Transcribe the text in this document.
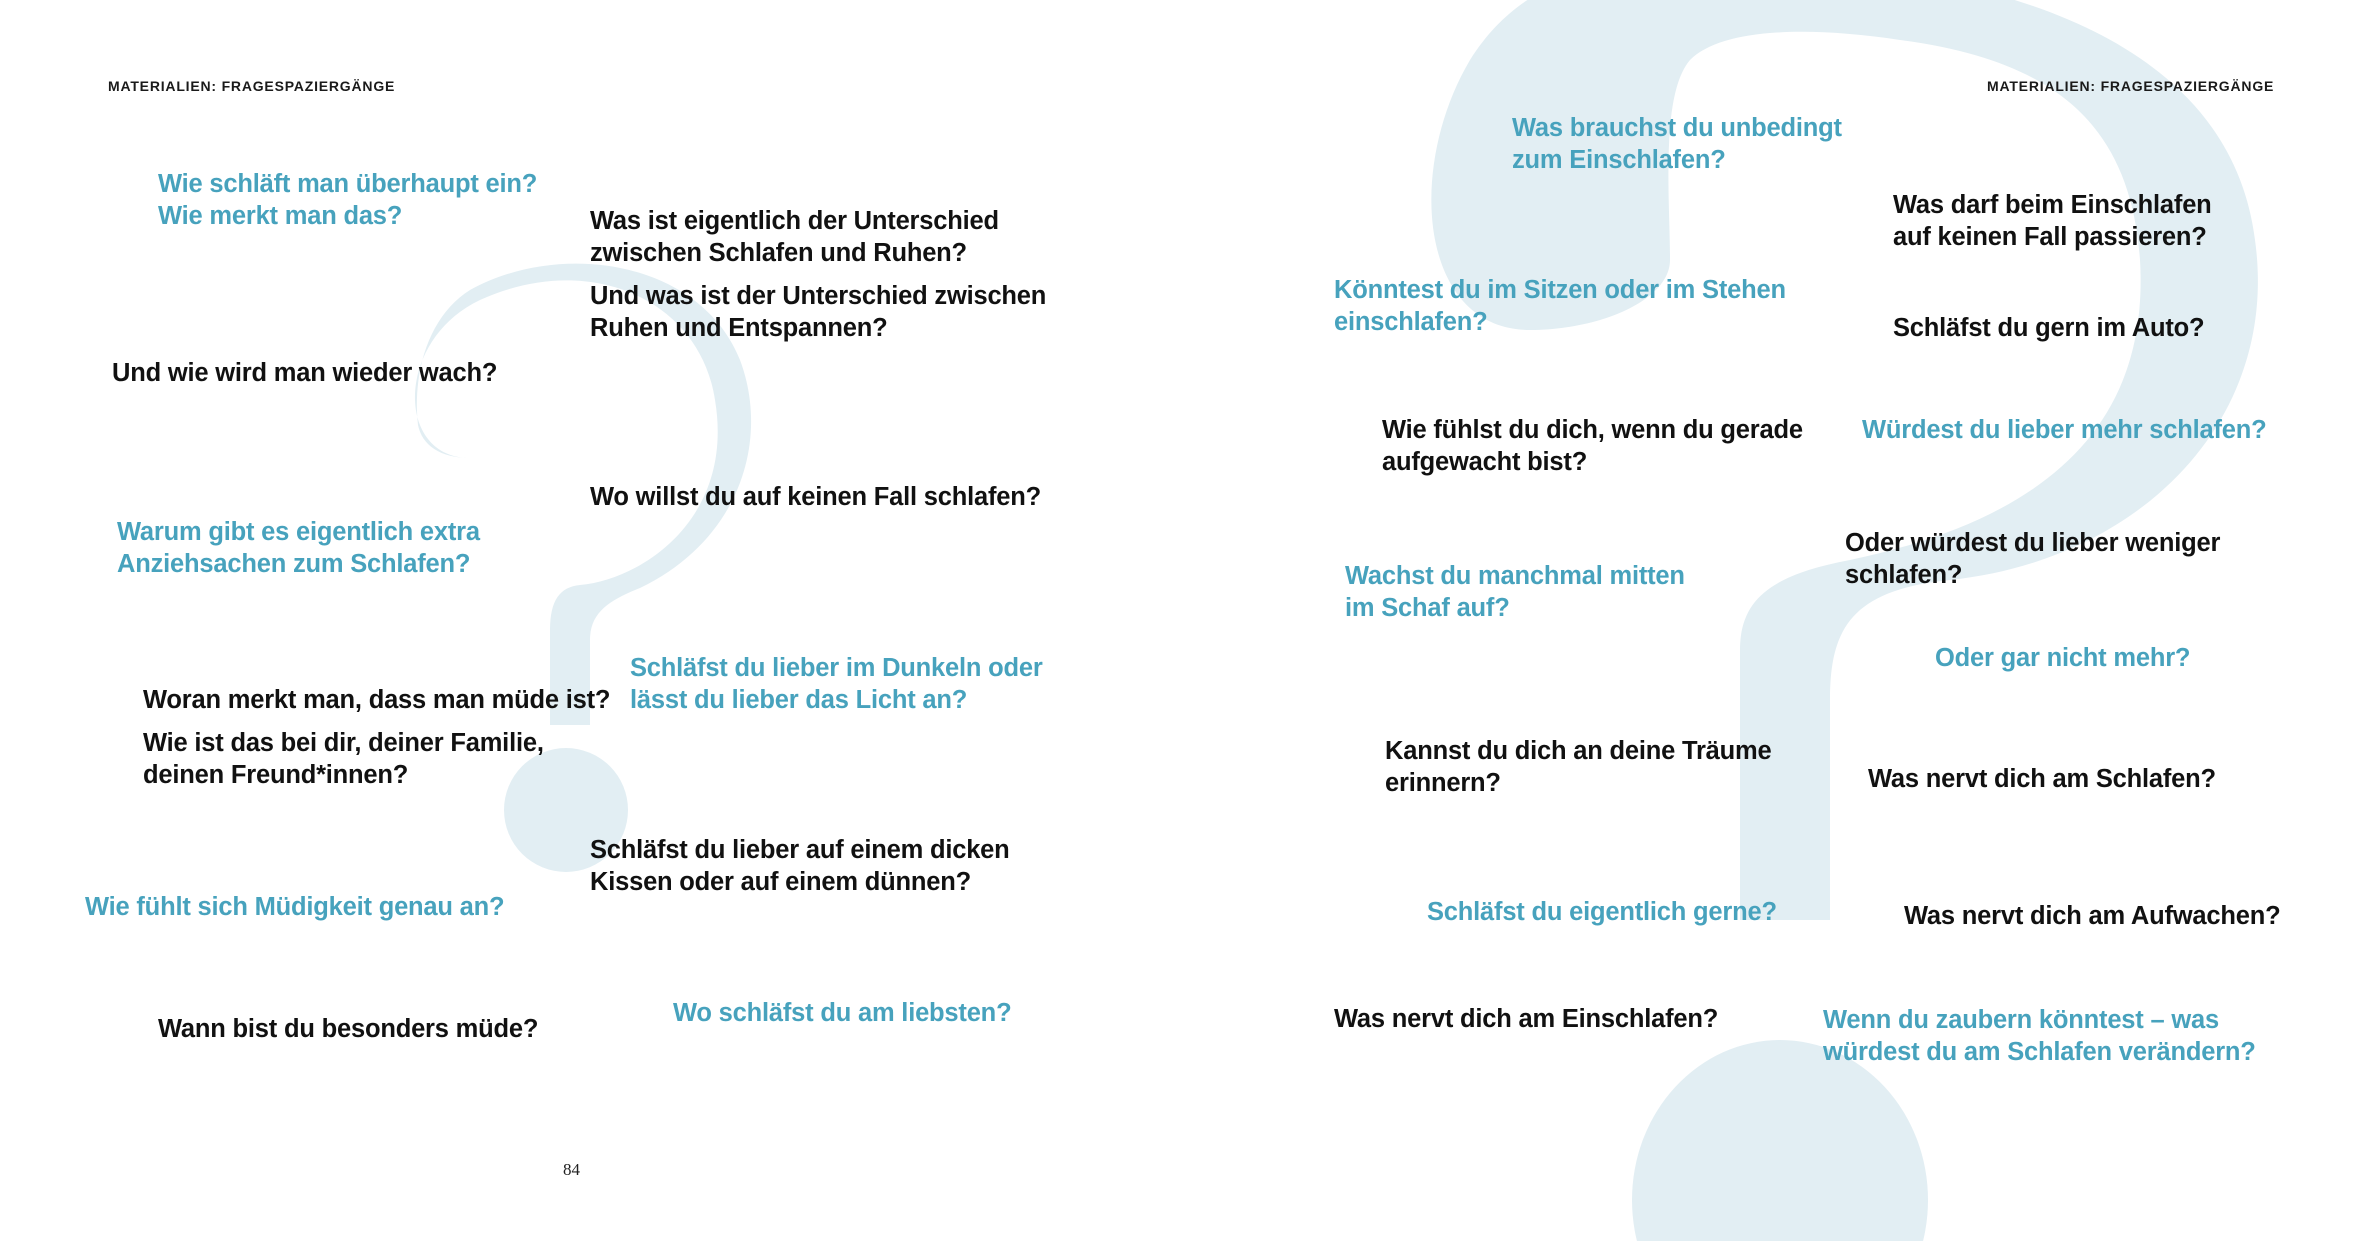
MATERIALIEN: FRAGESPAZIERGÄNGE
Wie schläft man überhaupt ein?
Wie merkt man das?	Was ist eigentlich der Unterschied
zwischen Schlafen und Ruhen?
Und was ist der Unterschied zwischen
Ruhen und Entspannen?
Und wie wird man wieder wach?
Wo willst du auf keinen Fall schlafen?
Warum gibt es eigentlich extra
Anziehsachen zum Schlafen?
Schläfst du lieber im Dunkeln oder
lässt du lieber das Licht an?
Woran merkt man, dass man müde ist?
Wie ist das bei dir, deiner Familie,
deinen Freund*innen?
Schläfst du lieber auf einem dicken
Kissen oder auf einem dünnen?
Wie fühlt sich Müdigkeit genau an?
Wo schläfst du am liebsten?
Wann bist du besonders müde?
84
MATERIALIEN: FRAGESPAZIERGÄNGE
Was brauchst du unbedingt
zum Einschlafen?
Was darf beim Einschlafen
auf keinen Fall passieren?
Könntest du im Sitzen oder im Stehen
einschlafen?	Schläfst du gern im Auto?
Wie fühlst du dich, wenn du gerade
aufgewacht bist?
Würdest du lieber mehr schlafen?
Oder würdest du lieber weniger
schlafen?
Wachst du manchmal mitten
im Schaf auf?
Oder gar nicht mehr?
Kannst du dich an deine Träume
erinnern?	Was nervt dich am Schlafen?
Schläfst du eigentlich gerne?	Was nervt dich am Aufwachen?
Was nervt dich am Einschlafen?	Wenn du zaubern könntest – was
würdest du am Schlafen verändern?
